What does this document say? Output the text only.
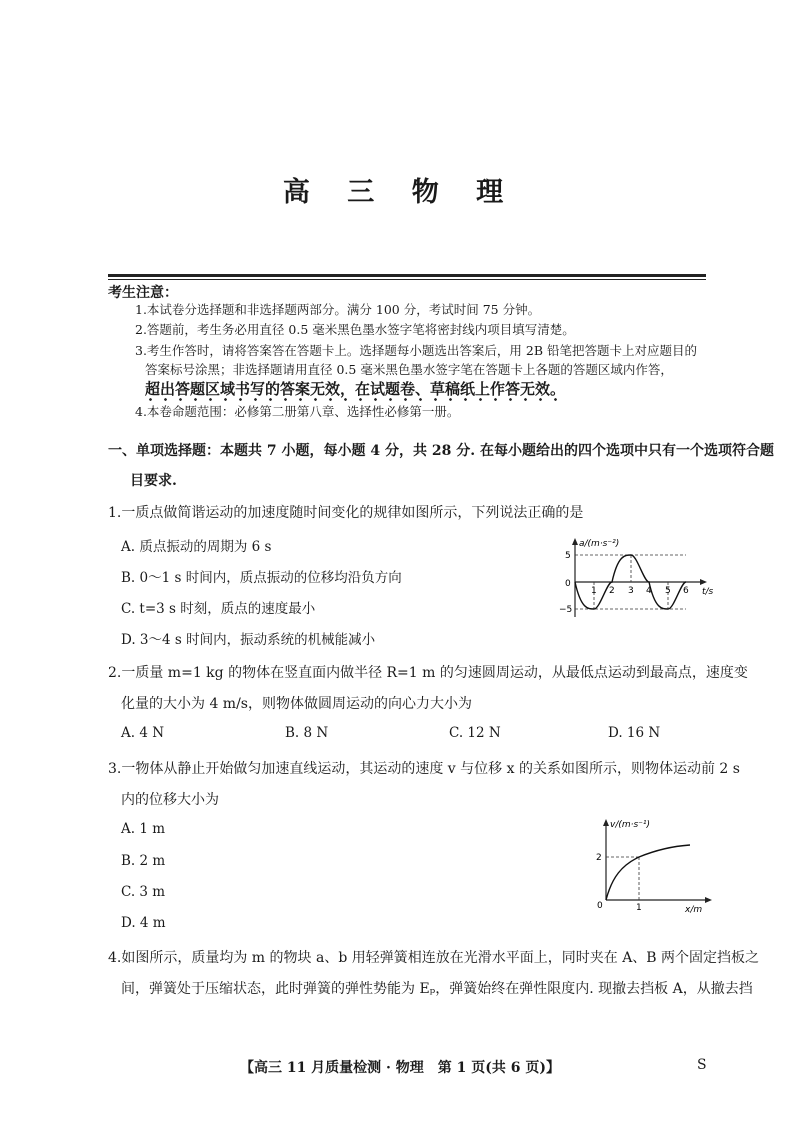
高 三 物 理
考生注意：
1.本试卷分选择题和非选择题两部分。满分 100 分，考试时间 75 分钟。
2.答题前，考生务必用直径 0.5 毫米黑色墨水签字笔将密封线内项目填写清楚。
3.考生作答时，请将答案答在答题卡上。选择题每小题选出答案后，用 2B 铅笔把答题卡上对应题目的
答案标号涂黑；非选择题请用直径 0.5 毫米黑色墨水签字笔在答题卡上各题的答题区域内作答，
超出答题区域书写的答案无效，在试题卷、草稿纸上作答无效。
4.本卷命题范围：必修第二册第八章、选择性必修第一册。
一、单项选择题：本题共 7 小题，每小题 4 分，共 28 分. 在每小题给出的四个选项中只有一个选项符合题
目要求.
1.一质点做简谐运动的加速度随时间变化的规律如图所示，下列说法正确的是
A. 质点振动的周期为 6 s
B. 0～1 s 时间内，质点振动的位移均沿负方向
C. t=3 s 时刻，质点的速度最小
D. 3～4 s 时间内，振动系统的机械能减小
a/(m·s⁻²)
t/s
5
−5
0
1 2 3 4 5 6
2.一质量 m=1 kg 的物体在竖直面内做半径 R=1 m 的匀速圆周运动，从最低点运动到最高点，速度变
化量的大小为 4 m/s，则物体做圆周运动的向心力大小为
A. 4 N	B. 8 N	C. 12 N	D. 16 N
3.一物体从静止开始做匀加速直线运动，其运动的速度 v 与位移 x 的关系如图所示，则物体运动前 2 s
内的位移大小为
A. 1 m
B. 2 m
C. 3 m
D. 4 m
v/(m·s⁻¹)
x/m
2
1
0
4.如图所示，质量均为 m 的物块 a、b 用轻弹簧相连放在光滑水平面上，同时夹在 A、B 两个固定挡板之
间，弹簧处于压缩状态，此时弹簧的弹性势能为 Eₚ，弹簧始终在弹性限度内. 现撤去挡板 A，从撤去挡
【高三 11 月质量检测 · 物理　第 1 页(共 6 页)】	S
